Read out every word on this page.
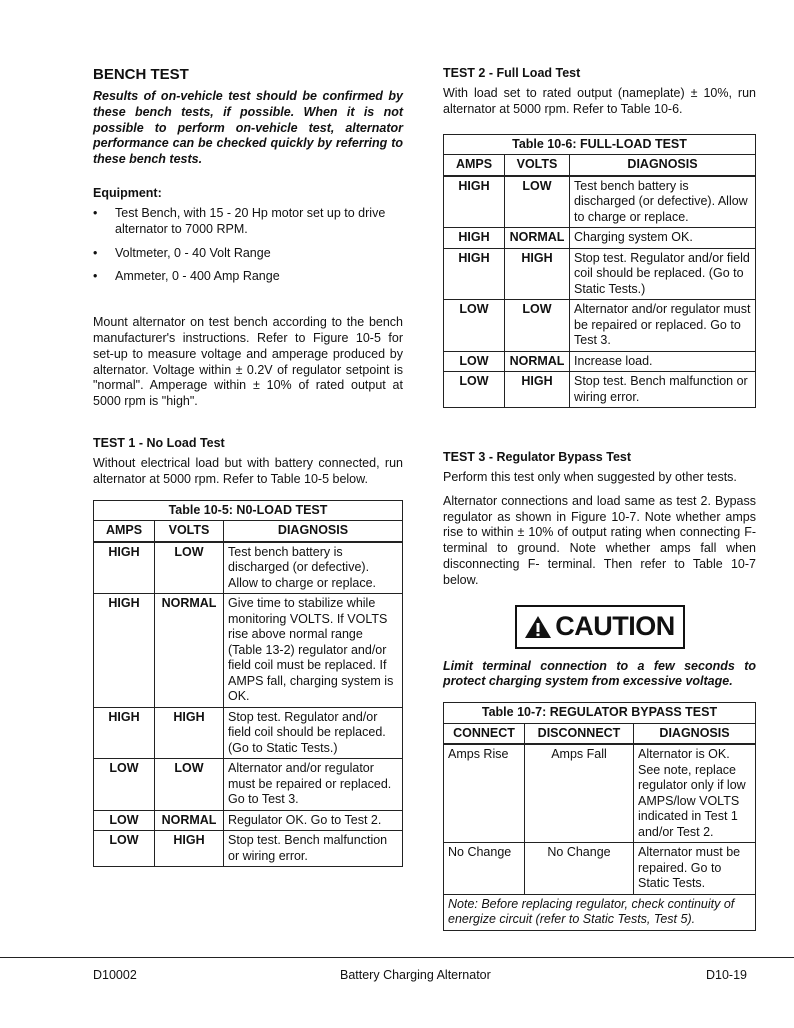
BENCH TEST

Results of on-vehicle test should be confirmed by these bench tests, if possible. When it is not possible to perform on-vehicle test, alternator performance can be checked quickly by referring to these bench tests.

Equipment:
• Test Bench, with 15 - 20 Hp motor set up to drive alternator to 7000 RPM.
• Voltmeter, 0 - 40 Volt Range
• Ammeter, 0 - 400 Amp Range

Mount alternator on test bench according to the bench manufacturer's instructions. Refer to Figure 10-5 for set-up to measure voltage and amperage produced by alternator. Voltage within ± 0.2V of regulator setpoint is "normal". Amperage within ± 10% of rated output at 5000 rpm is "high".

TEST 1 - No Load Test

Without electrical load but with battery connected, run alternator at 5000 rpm. Refer to Table 10-5 below.

Table 10-5: N0-LOAD TEST		
AMPS	VOLTS	DIAGNOSIS
HIGH	LOW	Test bench battery is discharged (or defective). Allow to charge or replace.
HIGH	NORMAL	Give time to stabilize while monitoring VOLTS. If VOLTS rise above normal range (Table 13-2) regulator and/or field coil must be replaced. If AMPS fall, charging system is OK.
HIGH	HIGH	Stop test. Regulator and/or field coil should be replaced. (Go to Static Tests.)
LOW	LOW	Alternator and/or regulator must be repaired or replaced. Go to Test 3.
LOW	NORMAL	Regulator OK. Go to Test 2.
LOW	HIGH	Stop test. Bench malfunction or wiring error.
TEST 2 - Full Load Test

With load set to rated output (nameplate) ± 10%, run alternator at 5000 rpm. Refer to Table 10-6.

Table 10-6: FULL-LOAD TEST		
AMPS	VOLTS	DIAGNOSIS
HIGH	LOW	Test bench battery is discharged (or defective). Allow to charge or replace.
HIGH	NORMAL	Charging system OK.
HIGH	HIGH	Stop test. Regulator and/or field coil should be replaced. (Go to Static Tests.)
LOW	LOW	Alternator and/or regulator must be repaired or replaced. Go to Test 3.
LOW	NORMAL	Increase load.
LOW	HIGH	Stop test. Bench malfunction or wiring error.
TEST 3 - Regulator Bypass Test

Perform this test only when suggested by other tests.

Alternator connections and load same as test 2. Bypass regulator as shown in Figure 10-7. Note whether amps rise to within ± 10% of output rating when connecting F- terminal to ground. Note whether amps fall when disconnecting F- terminal. Then refer to Table 10-7 below.

CAUTION

Limit terminal connection to a few seconds to protect charging system from excessive voltage.

Table 10-7: REGULATOR BYPASS TEST		
CONNECT	DISCONNECT	DIAGNOSIS
Amps Rise	Amps Fall	Alternator is OK. See note, replace regulator only if low AMPS/low VOLTS indicated in Test 1 and/or Test 2.
No Change	No Change	Alternator must be repaired. Go to Static Tests.
Note: Before replacing regulator, check continuity of energize circuit (refer to Static Tests, Test 5).		
D10002	Battery Charging Alternator	D10-19
